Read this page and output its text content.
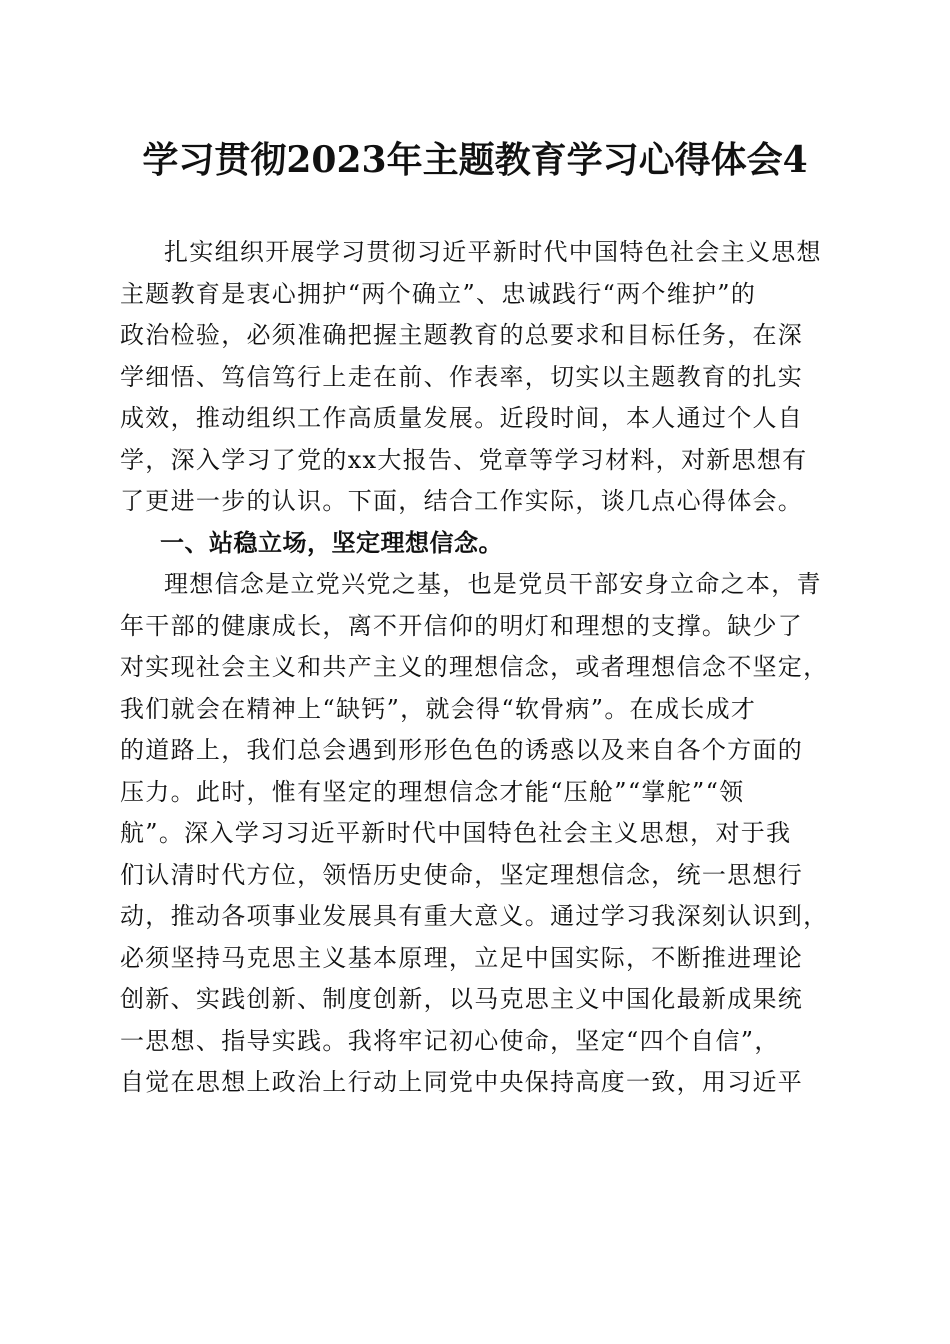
学习贯彻2023年主题教育学习心得体会4
扎实组织开展学习贯彻习近平新时代中国特色社会主义思想
主题教育是衷心拥护“两个确立”、忠诚践行“两个维护”的
政治检验，必须准确把握主题教育的总要求和目标任务，在深
学细悟、笃信笃行上走在前、作表率，切实以主题教育的扎实
成效，推动组织工作高质量发展。近段时间，本人通过个人自
学，深入学习了党的xx大报告、党章等学习材料，对新思想有
了更进一步的认识。下面，结合工作实际，谈几点心得体会。
一、站稳立场，坚定理想信念。
理想信念是立党兴党之基，也是党员干部安身立命之本，青
年干部的健康成长，离不开信仰的明灯和理想的支撑。缺少了
对实现社会主义和共产主义的理想信念，或者理想信念不坚定，
我们就会在精神上“缺钙”，就会得“软骨病”。在成长成才
的道路上，我们总会遇到形形色色的诱惑以及来自各个方面的
压力。此时，惟有坚定的理想信念才能“压舱”“掌舵”“领
航”。深入学习习近平新时代中国特色社会主义思想，对于我
们认清时代方位，领悟历史使命，坚定理想信念，统一思想行
动，推动各项事业发展具有重大意义。通过学习我深刻认识到，
必须坚持马克思主义基本原理，立足中国实际，不断推进理论
创新、实践创新、制度创新，以马克思主义中国化最新成果统
一思想、指导实践。我将牢记初心使命，坚定“四个自信”，
自觉在思想上政治上行动上同党中央保持高度一致，用习近平
